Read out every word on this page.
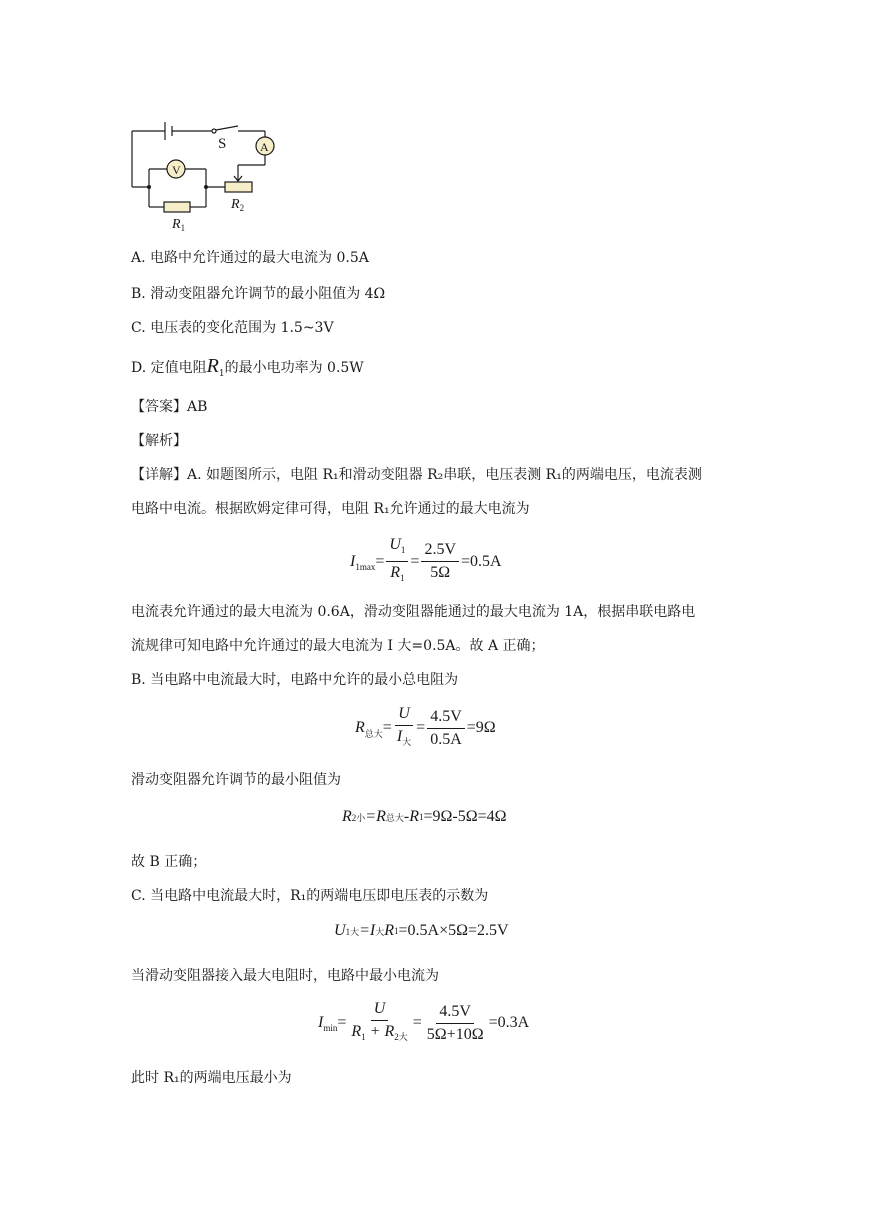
S	A
V
$R_2$
$R_1$
A. 电路中允许通过的最大电流为 0.5A
B. 滑动变阻器允许调节的最小阻值为 4Ω
C. 电压表的变化范围为 1.5~3V
D. 定值电阻$R_1$的最小电功率为 0.5W
【答案】AB
【解析】
【详解】A. 如题图所示，电阻 R₁和滑动变阻器 R₂串联，电压表测 R₁的两端电压，电流表测
电路中电流。根据欧姆定律可得，电阻 R₁允许通过的最大电流为
$I_{1max} = \frac{U_1}{R_1} = \frac{2.5V}{5\Omega} =0.5A$
电流表允许通过的最大电流为 0.6A，滑动变阻器能通过的最大电流为 1A，根据串联电路电
流规律可知电路中允许通过的最大电流为 I 大=0.5A。故 A 正确；
B. 当电路中电流最大时，电路中允许的最小总电阻为
$R_{总大} = \frac{U}{I_大} = \frac{4.5V}{0.5A} =9\Omega$
滑动变阻器允许调节的最小阻值为
R 2小 =R 总大 -R 1 =9Ω-5Ω=4Ω
故 B 正确；
C. 当电路中电流最大时，R₁的两端电压即电压表的示数为
U 1大 =I 大 R 1 =0.5A×5Ω=2.5V
当滑动变阻器接入最大电阻时，电路中最小电流为
$I_{min} = \frac{U}{R_1 + R_{2大}} = \frac{4.5V}{5\Omega+10\Omega} =0.3A$
此时 R₁的两端电压最小为
